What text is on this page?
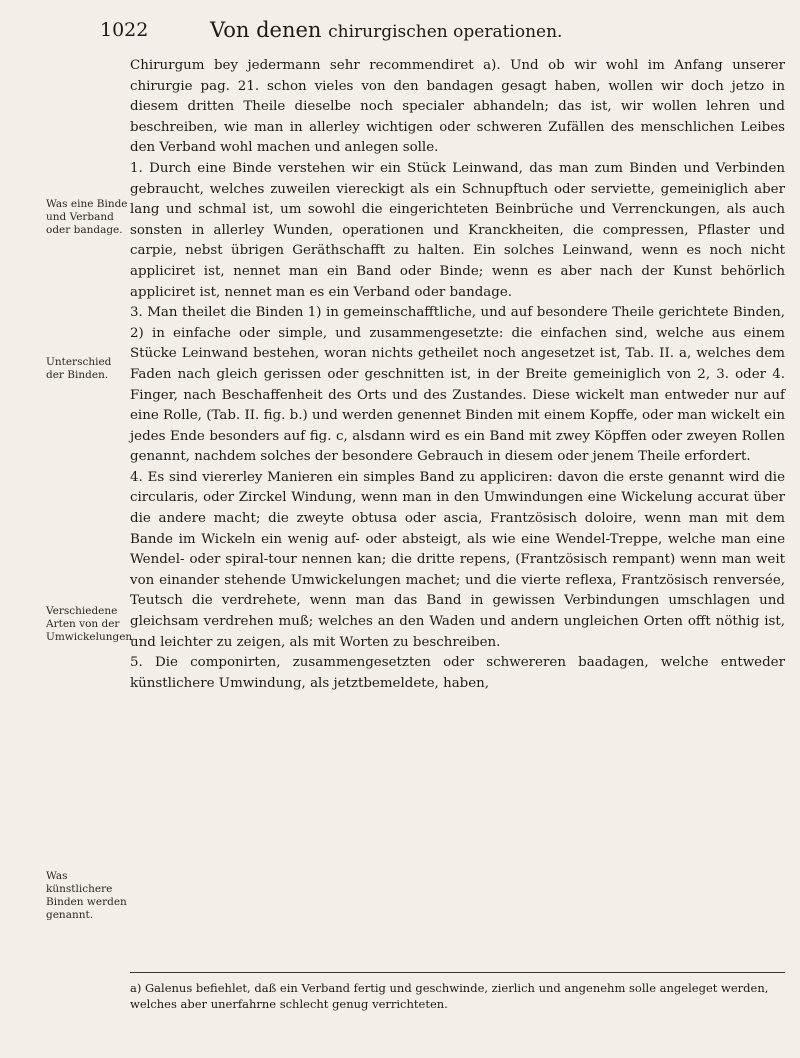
1022	Von denen chirurgischen operationen.
Was eine Binde und Verband oder bandage.
Unterschied der Binden.
Verschiedene Arten von der Umwickelungen.
Was künstlichere Binden werden genannt.

Chirurgum bey jedermann sehr recommendiret a). Und ob wir wohl im Anfang unserer chirurgie pag. 21. schon vieles von den bandagen gesagt haben, wollen wir doch jetzo in diesem dritten Theile dieselbe noch specialer abhandeln; das ist, wir wollen lehren und beschreiben, wie man in allerley wichtigen oder schweren Zufällen des menschlichen Leibes den Verband wohl machen und anlegen solle.

1. Durch eine Binde verstehen wir ein Stück Leinwand, das man zum Binden und Verbinden gebraucht, welches zuweilen viereckigt als ein Schnupftuch oder serviette, gemeiniglich aber lang und schmal ist, um sowohl die eingerichteten Beinbrüche und Verrenckungen, als auch sonsten in allerley Wunden, operationen und Kranckheiten, die compressen, Pflaster und carpie, nebst übrigen Geräthschafft zu halten. Ein solches Leinwand, wenn es noch nicht appliciret ist, nennet man ein Band oder Binde; wenn es aber nach der Kunst behörlich appliciret ist, nennet man es ein Verband oder bandage.

3. Man theilet die Binden 1) in gemeinschafftliche, und auf besondere Theile gerichtete Binden, 2) in einfache oder simple, und zusammengesetzte: die einfachen sind, welche aus einem Stücke Leinwand bestehen, woran nichts getheilet noch angesetzet ist, Tab. II. a, welches dem Faden nach gleich gerissen oder geschnitten ist, in der Breite gemeiniglich von 2, 3. oder 4. Finger, nach Beschaffenheit des Orts und des Zustandes. Diese wickelt man entweder nur auf eine Rolle, (Tab. II. fig. b.) und werden genennet Binden mit einem Kopffe, oder man wickelt ein jedes Ende besonders auf fig. c, alsdann wird es ein Band mit zwey Köpffen oder zweyen Rollen genannt, nachdem solches der besondere Gebrauch in diesem oder jenem Theile erfordert.

4. Es sind viererley Manieren ein simples Band zu appliciren: davon die erste genannt wird die circularis, oder Zirckel Windung, wenn man in den Umwindungen eine Wickelung accurat über die andere macht; die zweyte obtusa oder ascia, Frantzösisch doloire, wenn man mit dem Bande im Wickeln ein wenig auf- oder absteigt, als wie eine Wendel-Treppe, welche man eine Wendel- oder spiral-tour nennen kan; die dritte repens, (Frantzösisch rempant) wenn man weit von einander stehende Umwickelungen machet; und die vierte reflexa, Frantzösisch renversée, Teutsch die verdrehete, wenn man das Band in gewissen Verbindungen umschlagen und gleichsam verdrehen muß; welches an den Waden und andern ungleichen Orten offt nöthig ist, und leichter zu zeigen, als mit Worten zu beschreiben.

5. Die componirten, zusammengesetzten oder schwereren baadagen, welche entweder künstlichere Umwindung, als jetztbemeldete, haben,

a) Galenus befiehlet, daß ein Verband fertig und geschwinde, zierlich und angenehm solle angeleget werden, welches aber unerfahrne schlecht genug verrichteten.
